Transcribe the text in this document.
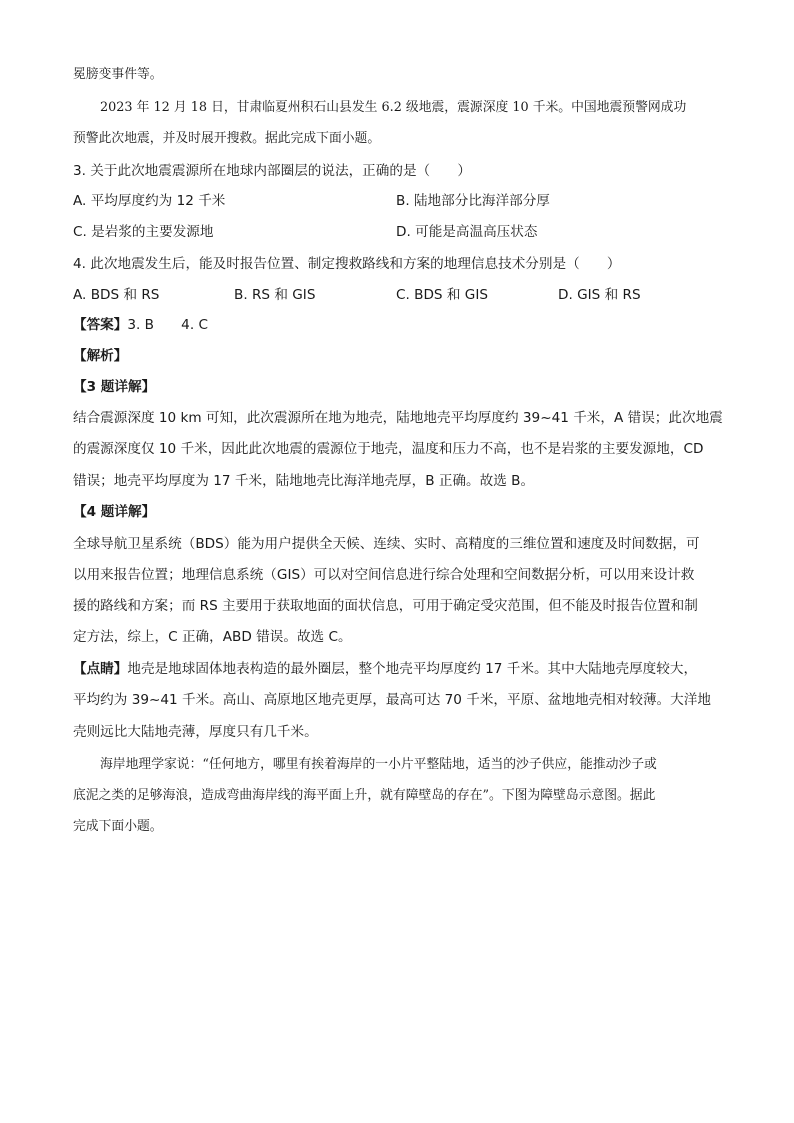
冕膀变事件等。
2023 年 12 月 18 日，甘肃临夏州积石山县发生 6.2 级地震，震源深度 10 千米。中国地震预警网成功
预警此次地震，并及时展开搜救。据此完成下面小题。
3. 关于此次地震震源所在地球内部圈层的说法，正确的是（　　）
A. 平均厚度约为 12 千米	B. 陆地部分比海洋部分厚
C. 是岩浆的主要发源地	D. 可能是高温高压状态
4. 此次地震发生后，能及时报告位置、制定搜救路线和方案的地理信息技术分别是（　　）
A. BDS 和 RS	B. RS 和 GIS	C. BDS 和 GIS	D. GIS 和 RS
【答案】3. B　　4. C
【解析】
【3 题详解】
结合震源深度 10 km 可知，此次震源所在地为地壳，陆地地壳平均厚度约 39~41 千米，A 错误；此次地震
的震源深度仅 10 千米，因此此次地震的震源位于地壳，温度和压力不高，也不是岩浆的主要发源地，CD
错误；地壳平均厚度为 17 千米，陆地地壳比海洋地壳厚，B 正确。故选 B。
【4 题详解】
全球导航卫星系统（BDS）能为用户提供全天候、连续、实时、高精度的三维位置和速度及时间数据，可
以用来报告位置；地理信息系统（GIS）可以对空间信息进行综合处理和空间数据分析，可以用来设计救
援的路线和方案；而 RS 主要用于获取地面的面状信息，可用于确定受灾范围，但不能及时报告位置和制
定方法，综上，C 正确，ABD 错误。故选 C。
【点睛】地壳是地球固体地表构造的最外圈层，整个地壳平均厚度约 17 千米。其中大陆地壳厚度较大，
平均约为 39~41 千米。高山、高原地区地壳更厚，最高可达 70 千米，平原、盆地地壳相对较薄。大洋地
壳则远比大陆地壳薄，厚度只有几千米。
海岸地理学家说：“任何地方，哪里有挨着海岸的一小片平整陆地，适当的沙子供应，能推动沙子或
底泥之类的足够海浪，造成弯曲海岸线的海平面上升，就有障壁岛的存在”。下图为障壁岛示意图。据此
完成下面小题。
